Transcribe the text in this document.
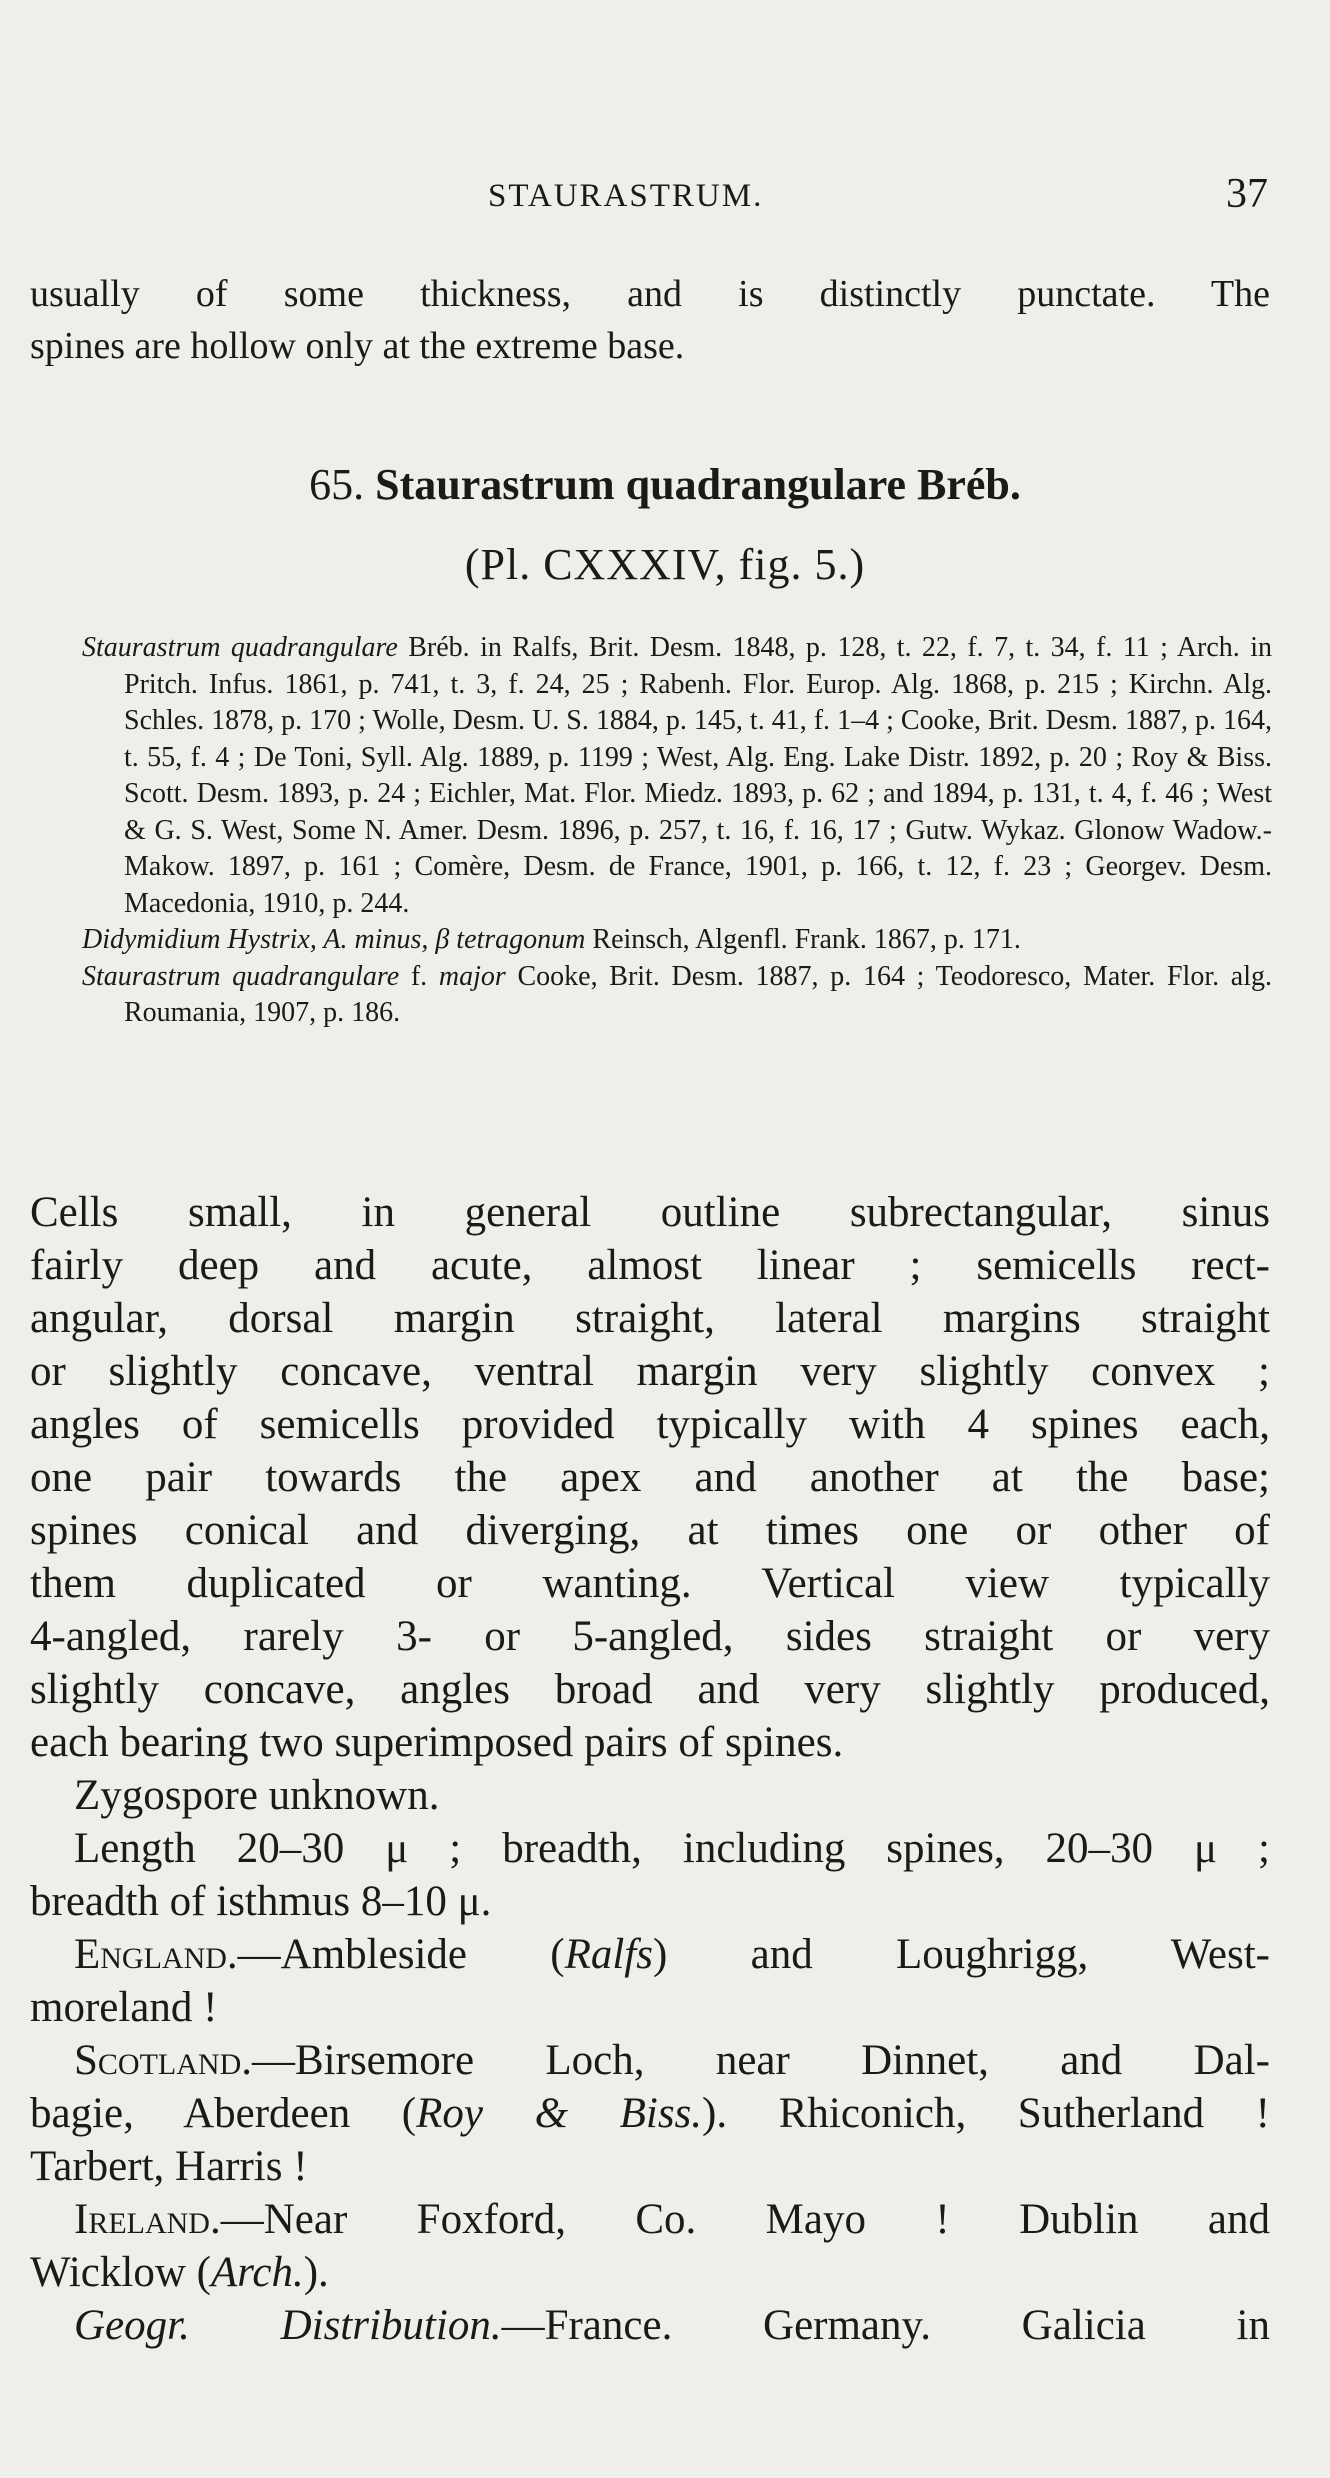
STAURASTRUM.	37
usually of some thickness, and is distinctly punctate. The
spines are hollow only at the extreme base.
65. Staurastrum quadrangulare Bréb.
(Pl. CXXXIV, fig. 5.)
Staurastrum quadrangulare Bréb. in Ralfs, Brit. Desm. 1848, p. 128, t. 22, f. 7, t. 34, f. 11 ; Arch. in Pritch. Infus. 1861, p. 741, t. 3, f. 24, 25 ; Rabenh. Flor. Europ. Alg. 1868, p. 215 ; Kirchn. Alg. Schles. 1878, p. 170 ; Wolle, Desm. U. S. 1884, p. 145, t. 41, f. 1–4 ; Cooke, Brit. Desm. 1887, p. 164, t. 55, f. 4 ; De Toni, Syll. Alg. 1889, p. 1199 ; West, Alg. Eng. Lake Distr. 1892, p. 20 ; Roy & Biss. Scott. Desm. 1893, p. 24 ; Eichler, Mat. Flor. Miedz. 1893, p. 62 ; and 1894, p. 131, t. 4, f. 46 ; West & G. S. West, Some N. Amer. Desm. 1896, p. 257, t. 16, f. 16, 17 ; Gutw. Wykaz. Glonow Wadow.-Makow. 1897, p. 161 ; Comère, Desm. de France, 1901, p. 166, t. 12, f. 23 ; Georgev. Desm. Macedonia, 1910, p. 244.
Didymidium Hystrix, A. minus, β tetragonum Reinsch, Algenfl. Frank. 1867, p. 171.
Staurastrum quadrangulare f. major Cooke, Brit. Desm. 1887, p. 164 ; Teodoresco, Mater. Flor. alg. Roumania, 1907, p. 186.
Cells small, in general outline subrectangular, sinus
fairly deep and acute, almost linear ; semicells rect-
angular, dorsal margin straight, lateral margins straight
or slightly concave, ventral margin very slightly convex ;
angles of semicells provided typically with 4 spines each,
one pair towards the apex and another at the base;
spines conical and diverging, at times one or other of
them duplicated or wanting. Vertical view typically
4-angled, rarely 3- or 5-angled, sides straight or very
slightly concave, angles broad and very slightly produced,
each bearing two superimposed pairs of spines.
Zygospore unknown.
Length 20–30 μ ; breadth, including spines, 20–30 μ ;
breadth of isthmus 8–10 μ.
England.—Ambleside (Ralfs) and Loughrigg, West-
moreland !
Scotland.—Birsemore Loch, near Dinnet, and Dal-
bagie, Aberdeen (Roy & Biss.). Rhiconich, Sutherland !
Tarbert, Harris !
Ireland.—Near Foxford, Co. Mayo ! Dublin and
Wicklow (Arch.).
Geogr. Distribution.—France. Germany. Galicia in
